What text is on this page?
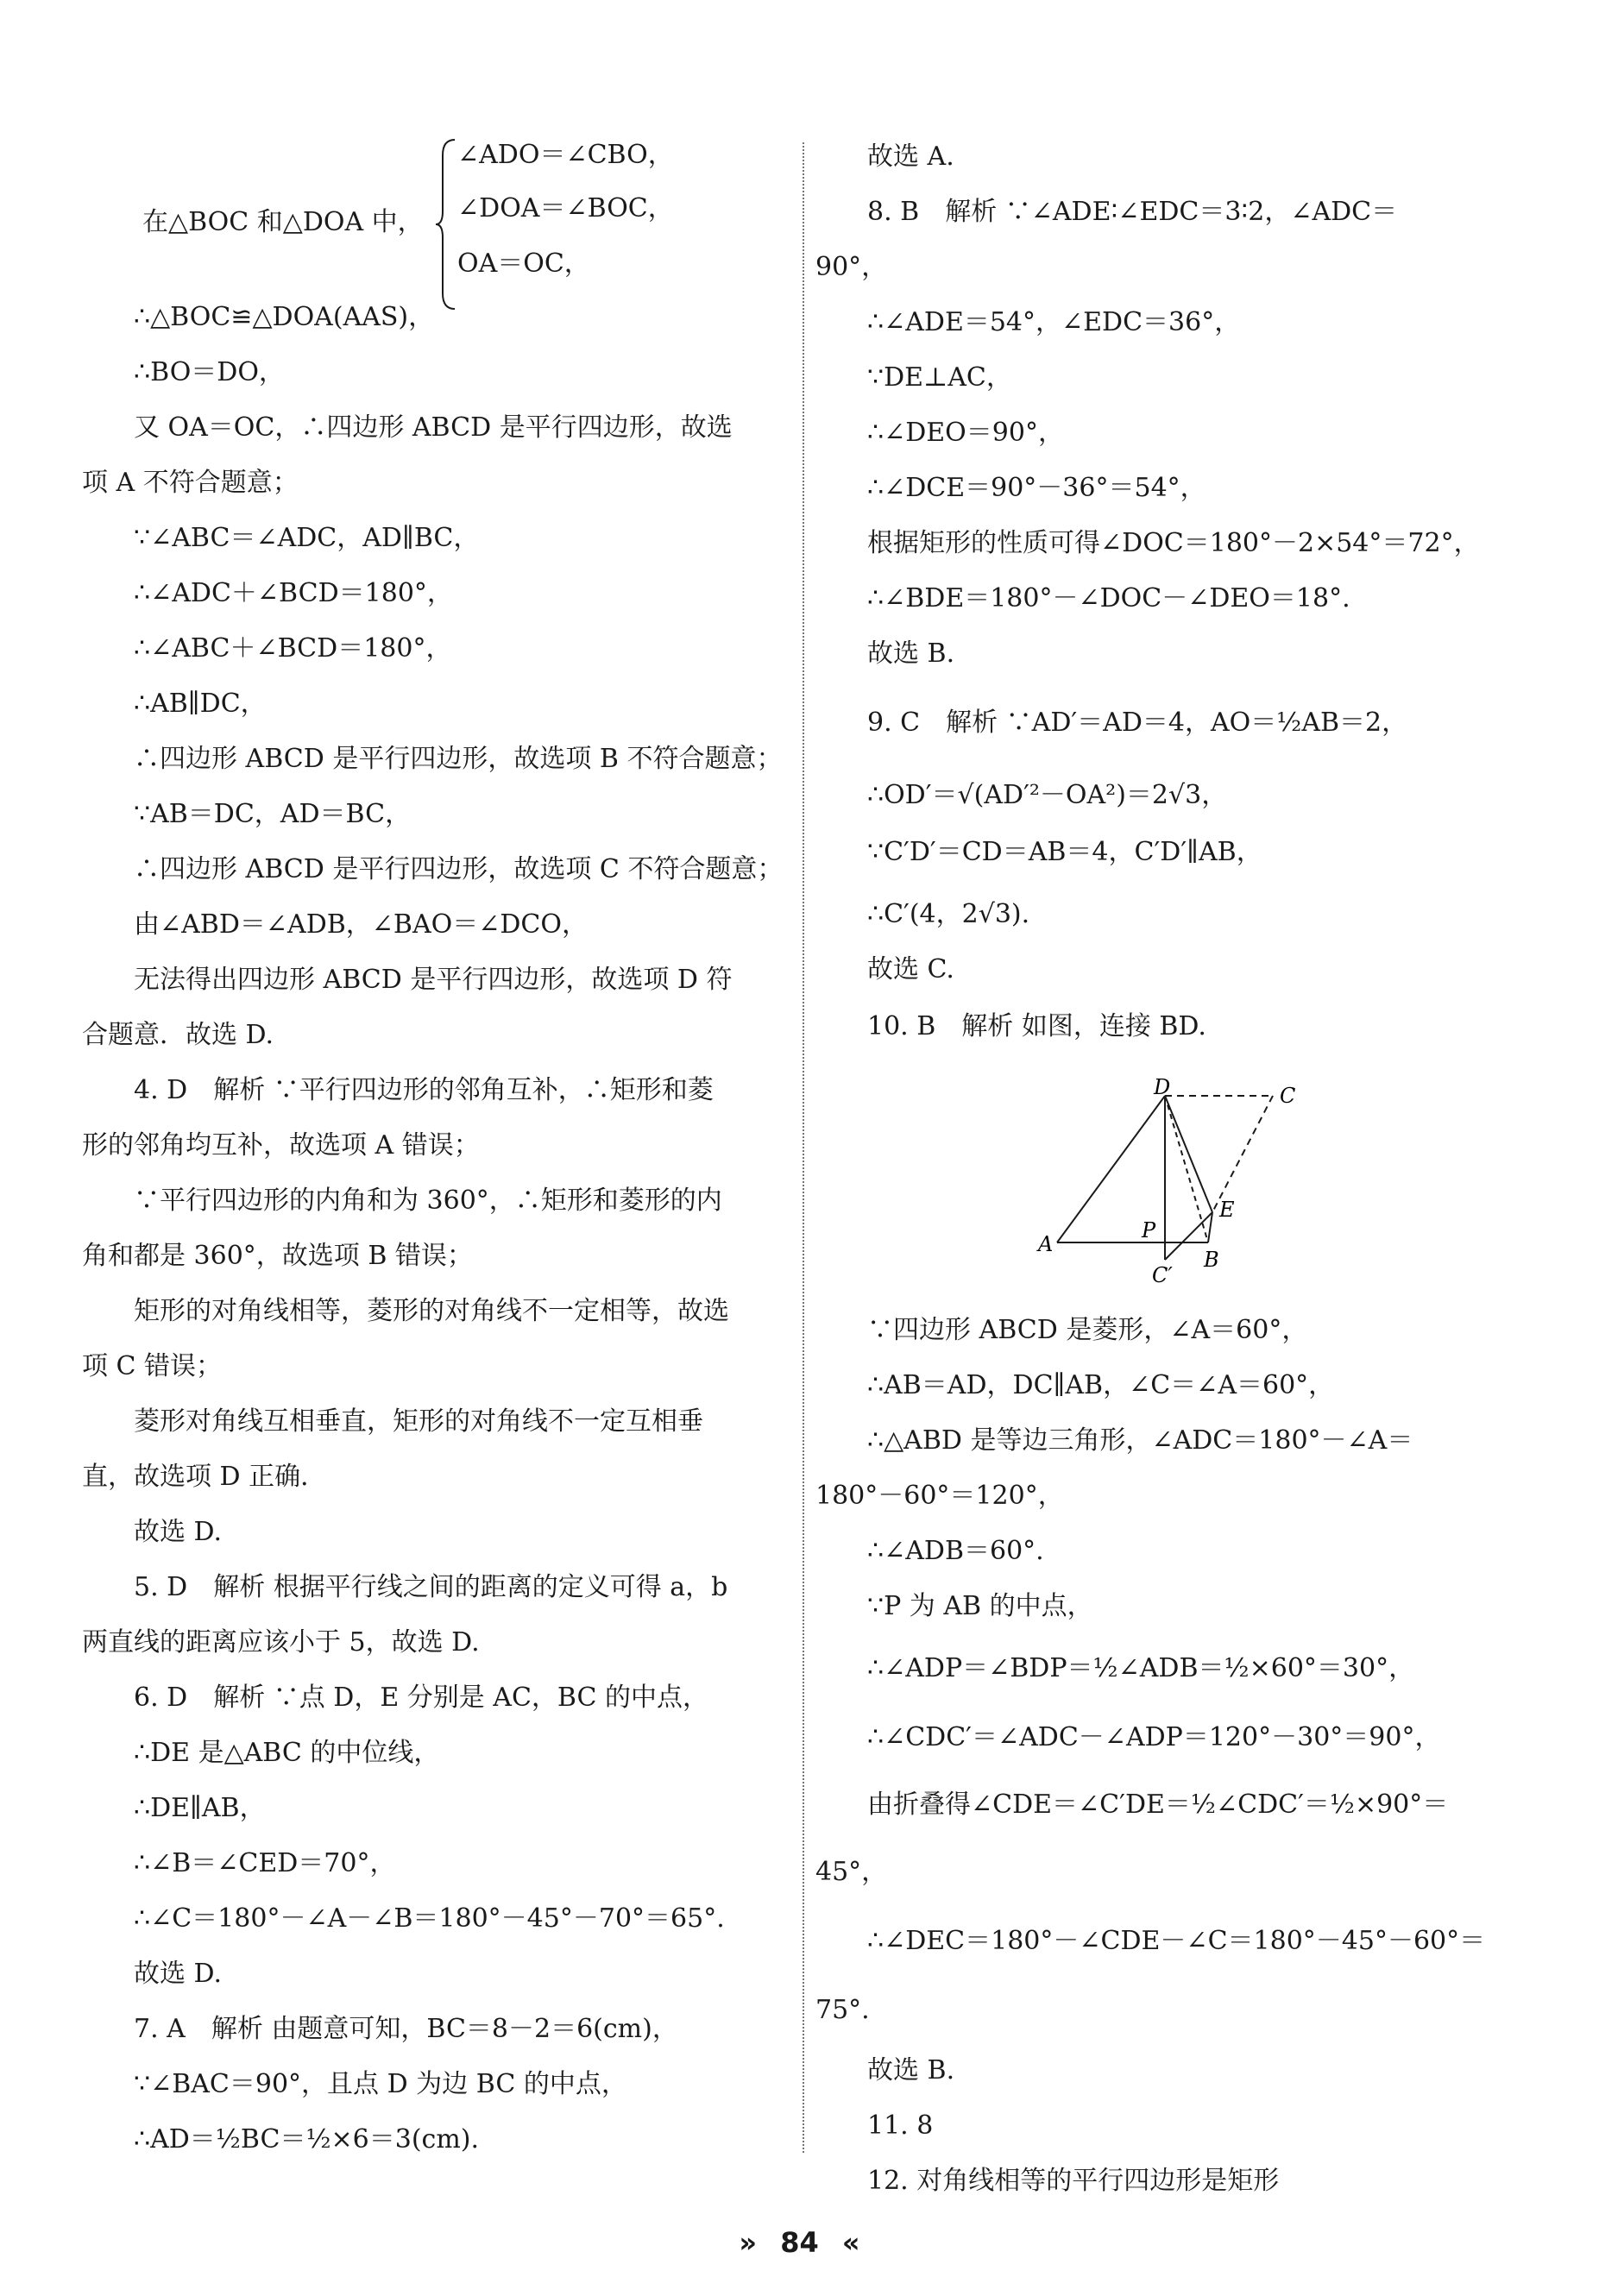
在△BOC 和△DOA 中，
∠ADO＝∠CBO，
∠DOA＝∠BOC，
OA＝OC，
∴△BOC≌△DOA(AAS)，
∴BO＝DO，
又 OA＝OC，∴四边形 ABCD 是平行四边形，故选
项 A 不符合题意；
∵∠ABC＝∠ADC，AD∥BC，
∴∠ADC＋∠BCD＝180°，
∴∠ABC＋∠BCD＝180°，
∴AB∥DC，
∴四边形 ABCD 是平行四边形，故选项 B 不符合题意；
∵AB＝DC，AD＝BC，
∴四边形 ABCD 是平行四边形，故选项 C 不符合题意；
由∠ABD＝∠ADB，∠BAO＝∠DCO，
无法得出四边形 ABCD 是平行四边形，故选项 D 符
合题意．故选 D.
4. D　解析 ∵平行四边形的邻角互补，∴矩形和菱
形的邻角均互补，故选项 A 错误；
∵平行四边形的内角和为 360°，∴矩形和菱形的内
角和都是 360°，故选项 B 错误；
矩形的对角线相等，菱形的对角线不一定相等，故选
项 C 错误；
菱形对角线互相垂直，矩形的对角线不一定互相垂
直，故选项 D 正确．
故选 D.
5. D　解析 根据平行线之间的距离的定义可得 a，b
两直线的距离应该小于 5，故选 D.
6. D　解析 ∵点 D，E 分别是 AC，BC 的中点，
∴DE 是△ABC 的中位线，
∴DE∥AB，
∴∠B＝∠CED＝70°，
∴∠C＝180°－∠A－∠B＝180°－45°－70°＝65°.
故选 D.
7. A　解析 由题意可知，BC＝8－2＝6(cm)，
∵∠BAC＝90°，且点 D 为边 BC 的中点，
∴AD＝½BC＝½×6＝3(cm).
故选 A.
8. B　解析 ∵∠ADE∶∠EDC＝3∶2，∠ADC＝
90°，
∴∠ADE＝54°，∠EDC＝36°，
∵DE⊥AC，
∴∠DEO＝90°，
∴∠DCE＝90°－36°＝54°，
根据矩形的性质可得∠DOC＝180°－2×54°＝72°，
∴∠BDE＝180°－∠DOC－∠DEO＝18°.
故选 B.
9. C　解析 ∵AD′＝AD＝4，AO＝½AB＝2，
∴OD′＝√(AD′²－OA²)＝2√3，
∵C′D′＝CD＝AB＝4，C′D′∥AB，
∴C′(4，2√3).
故选 C.
10. B　解析 如图，连接 BD.
D	C
A
P
E
B
C′
∵四边形 ABCD 是菱形，∠A＝60°，
∴AB＝AD，DC∥AB，∠C＝∠A＝60°，
∴△ABD 是等边三角形，∠ADC＝180°－∠A＝
180°－60°＝120°，
∴∠ADB＝60°.
∵P 为 AB 的中点，
∴∠ADP＝∠BDP＝½∠ADB＝½×60°＝30°，
∴∠CDC′＝∠ADC－∠ADP＝120°－30°＝90°，
由折叠得∠CDE＝∠C′DE＝½∠CDC′＝½×90°＝
45°，
∴∠DEC＝180°－∠CDE－∠C＝180°－45°－60°＝
75°.
故选 B.
11. 8
12. 对角线相等的平行四边形是矩形
» 84 «
